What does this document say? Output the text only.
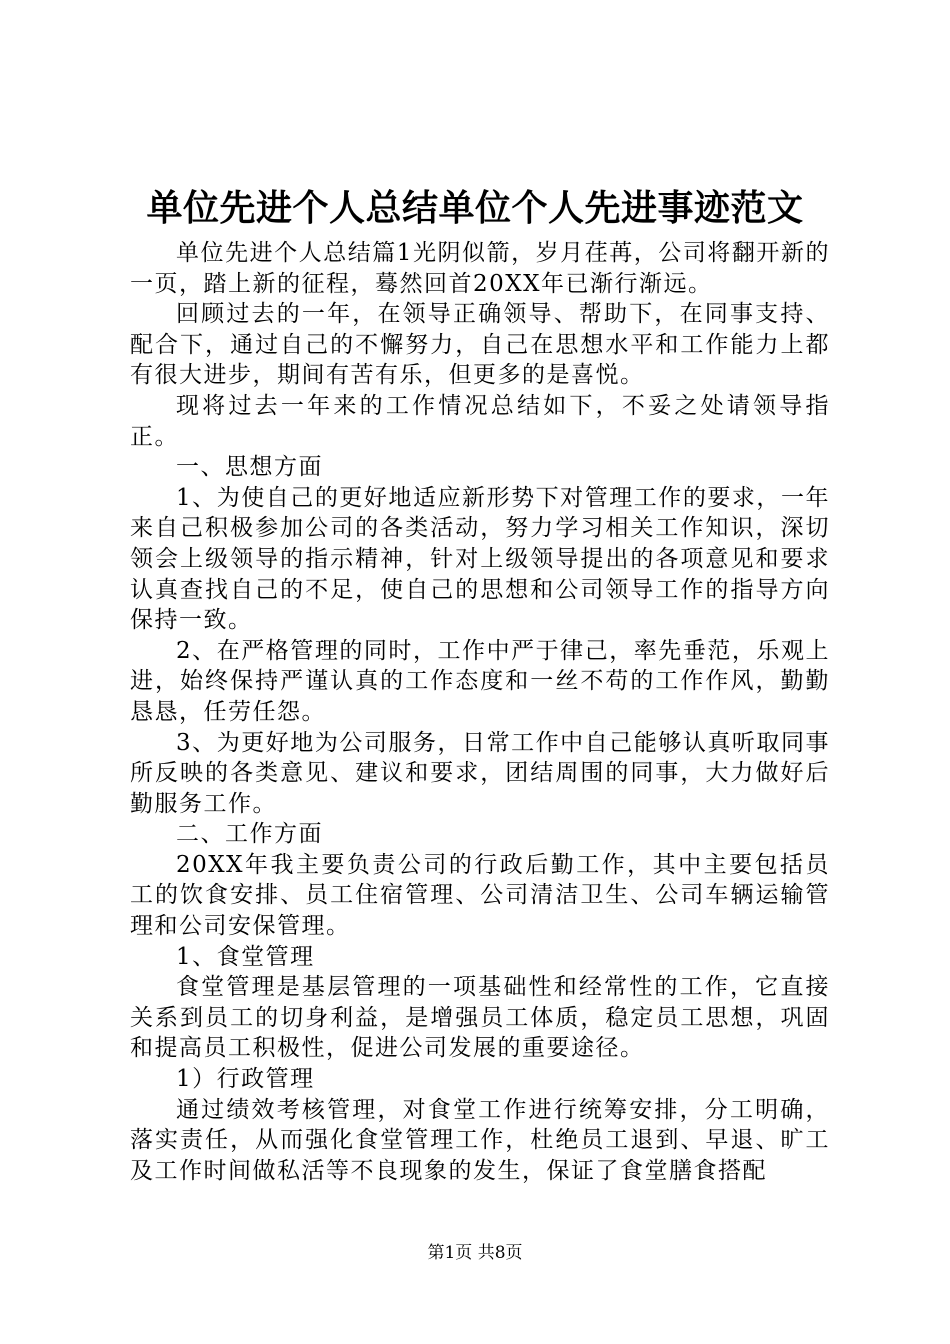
单位先进个人总结单位个人先进事迹范文

单位先进个人总结篇1光阴似箭，岁月荏苒，公司将翻开新的一页，踏上新的征程，蓦然回首20XX年已渐行渐远。

回顾过去的一年，在领导正确领导、帮助下，在同事支持、配合下，通过自己的不懈努力，自己在思想水平和工作能力上都有很大进步，期间有苦有乐，但更多的是喜悦。

现将过去一年来的工作情况总结如下，不妥之处请领导指正。

一、思想方面

1、为使自己的更好地适应新形势下对管理工作的要求，一年来自己积极参加公司的各类活动，努力学习相关工作知识，深切领会上级领导的指示精神，针对上级领导提出的各项意见和要求认真查找自己的不足，使自己的思想和公司领导工作的指导方向保持一致。

2、在严格管理的同时，工作中严于律己，率先垂范，乐观上进，始终保持严谨认真的工作态度和一丝不苟的工作作风，勤勤恳恳，任劳任怨。

3、为更好地为公司服务，日常工作中自己能够认真听取同事所反映的各类意见、建议和要求，团结周围的同事，大力做好后勤服务工作。

二、工作方面

20XX年我主要负责公司的行政后勤工作，其中主要包括员工的饮食安排、员工住宿管理、公司清洁卫生、公司车辆运输管理和公司安保管理。

1、食堂管理

食堂管理是基层管理的一项基础性和经常性的工作，它直接关系到员工的切身利益，是增强员工体质，稳定员工思想，巩固和提高员工积极性，促进公司发展的重要途径。

1）行政管理

通过绩效考核管理，对食堂工作进行统筹安排，分工明确，落实责任，从而强化食堂管理工作，杜绝员工退到、早退、旷工及工作时间做私活等不良现象的发生，保证了食堂膳食搭配

第1页 共8页
